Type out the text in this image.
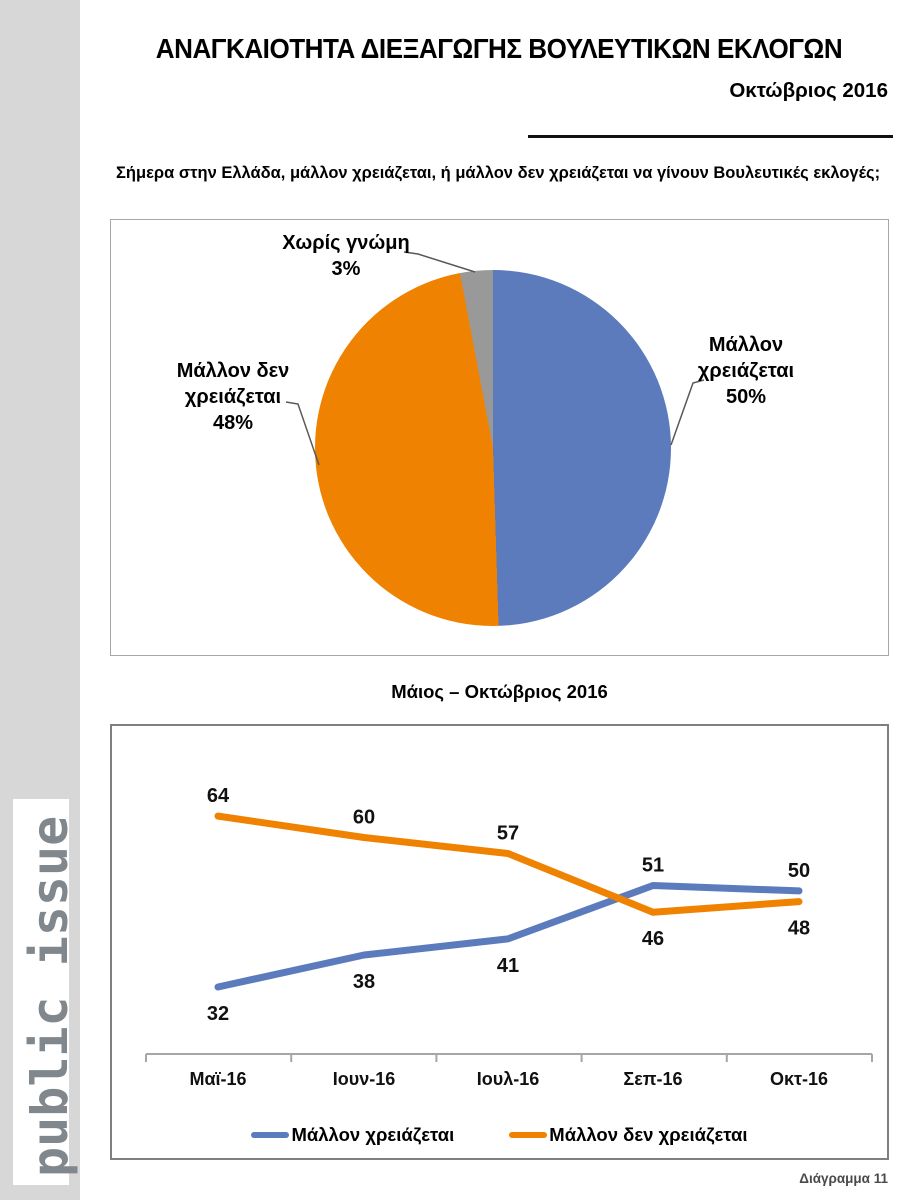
public issue
ΑΝΑΓΚΑΙΟΤΗΤΑ ΔΙΕΞΑΓΩΓΗΣ ΒΟΥΛΕΥΤΙΚΩΝ ΕΚΛΟΓΩΝ
Οκτώβριος 2016
Σήμερα στην Ελλάδα, μάλλον χρειάζεται, ή μάλλον δεν χρειάζεται να γίνουν Βουλευτικές εκλογές;
Χωρίς γνώμη
3%
Μάλλον χρειάζεται
50%
Μάλλον δεν χρειάζεται
48%
Μάιος – Οκτώβριος 2016
32
38
41
51	50
64
60
57
46	48
Μαϊ-16	Ιουν-16	Ιουλ-16	Σεπ-16	Οκτ-16
Μάλλον χρειάζεται	Μάλλον δεν χρειάζεται
Διάγραμμα 11
